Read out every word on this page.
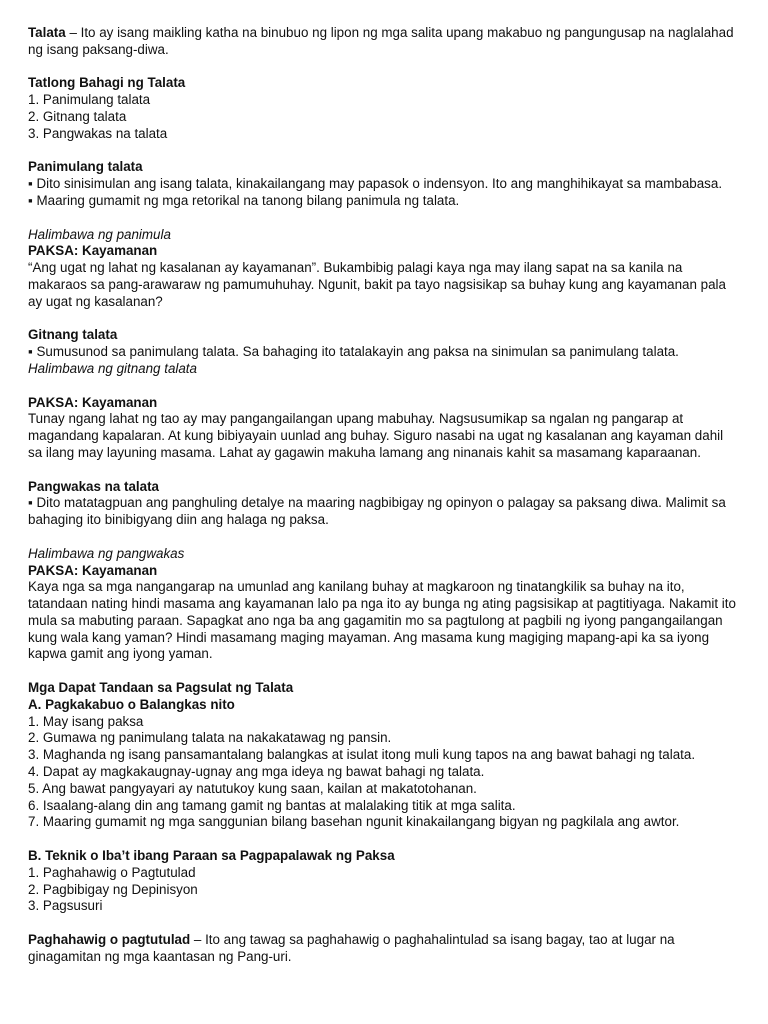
Talata – Ito ay isang maikling katha na binubuo ng lipon ng mga salita upang makabuo ng pangungusap na naglalahad ng isang paksang-diwa.

Tatlong Bahagi ng Talata

1. Panimulang talata
2. Gitnang talata
3. Pangwakas na talata

Panimulang talata

▪ Dito sinisimulan ang isang talata, kinakailangang may papasok o indensyon. Ito ang manghihikayat sa mambabasa.

▪ Maaring gumamit ng mga retorikal na tanong bilang panimula ng talata.

Halimbawa ng panimula

PAKSA: Kayamanan

“Ang ugat ng lahat ng kasalanan ay kayamanan”. Bukambibig palagi kaya nga may ilang sapat na sa kanila na makaraos sa pang-arawaraw ng pamumuhuhay. Ngunit, bakit pa tayo nagsisikap sa buhay kung ang kayamanan pala ay ugat ng kasalanan?

Gitnang talata

▪ Sumusunod sa panimulang talata. Sa bahaging ito tatalakayin ang paksa na sinimulan sa panimulang talata.

Halimbawa ng gitnang talata

PAKSA: Kayamanan

Tunay ngang lahat ng tao ay may pangangailangan upang mabuhay. Nagsusumikap sa ngalan ng pangarap at magandang kapalaran. At kung bibiyayain uunlad ang buhay. Siguro nasabi na ugat ng kasalanan ang kayaman dahil sa ilang may layuning masama. Lahat ay gagawin makuha lamang ang ninanais kahit sa masamang kaparaanan.

Pangwakas na talata

▪ Dito matatagpuan ang panghuling detalye na maaring nagbibigay ng opinyon o palagay sa paksang diwa. Malimit sa bahaging ito binibigyang diin ang halaga ng paksa.

Halimbawa ng pangwakas

PAKSA: Kayamanan

Kaya nga sa mga nangangarap na umunlad ang kanilang buhay at magkaroon ng tinatangkilik sa buhay na ito, tatandaan nating hindi masama ang kayamanan lalo pa nga ito ay bunga ng ating pagsisikap at pagtitiyaga. Nakamit ito mula sa mabuting paraan. Sapagkat ano nga ba ang gagamitin mo sa pagtulong at pagbili ng iyong pangangailangan kung wala kang yaman? Hindi masamang maging mayaman. Ang masama kung magiging mapang-api ka sa iyong kapwa gamit ang iyong yaman.

Mga Dapat Tandaan sa Pagsulat ng Talata

A. Pagkakabuo o Balangkas nito

1. May isang paksa
2. Gumawa ng panimulang talata na nakakatawag ng pansin.
3. Maghanda ng isang pansamantalang balangkas at isulat itong muli kung tapos na ang bawat bahagi ng talata.
4. Dapat ay magkakaugnay-ugnay ang mga ideya ng bawat bahagi ng talata.
5. Ang bawat pangyayari ay natutukoy kung saan, kailan at makatotohanan.
6. Isaalang-alang din ang tamang gamit ng bantas at malalaking titik at mga salita.
7. Maaring gumamit ng mga sanggunian bilang basehan ngunit kinakailangang bigyan ng pagkilala ang awtor.

B. Teknik o Iba’t ibang Paraan sa Pagpapalawak ng Paksa

1. Paghahawig o Pagtutulad
2. Pagbibigay ng Depinisyon
3. Pagsusuri

Paghahawig o pagtutulad – Ito ang tawag sa paghahawig o paghahalintulad sa isang bagay, tao at lugar na ginagamitan ng mga kaantasan ng Pang-uri.
